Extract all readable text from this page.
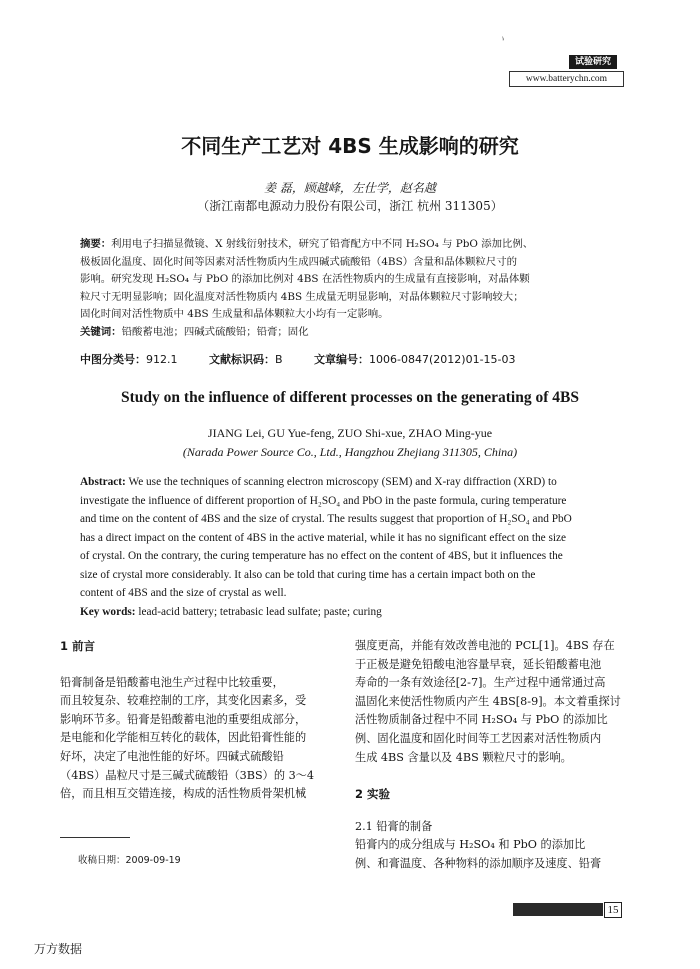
丶
试验研究
www.batterychn.com
不同生产工艺对 4BS 生成影响的研究
姜 磊，顾越峰，左仕学，赵名越
（浙江南都电源动力股份有限公司，浙江 杭州 311305）
摘要：利用电子扫描显微镜、X 射线衍射技术，研究了铅膏配方中不同 H₂SO₄ 与 PbO 添加比例、
极板固化温度、固化时间等因素对活性物质内生成四碱式硫酸铅（4BS）含量和晶体颗粒尺寸的
影响。研究发现 H₂SO₄ 与 PbO 的添加比例对 4BS 在活性物质内的生成量有直接影响，对晶体颗
粒尺寸无明显影响；固化温度对活性物质内 4BS 生成量无明显影响，对晶体颗粒尺寸影响较大；
固化时间对活性物质中 4BS 生成量和晶体颗粒大小均有一定影响。
关键词：铅酸蓄电池；四碱式硫酸铅；铅膏；固化
中图分类号：912.1	文献标识码：B	文章编号：1006-0847(2012)01-15-03
Study on the influence of different processes on the generating of 4BS
JIANG Lei, GU Yue-feng, ZUO Shi-xue, ZHAO Ming-yue
(Narada Power Source Co., Ltd., Hangzhou Zhejiang 311305, China)
Abstract: We use the techniques of scanning electron microscopy (SEM) and X-ray diffraction (XRD) to
investigate the influence of different proportion of H₂SO₄ and PbO in the paste formula, curing temperature
and time on the content of 4BS and the size of crystal. The results suggest that proportion of H₂SO₄ and PbO
has a direct impact on the content of 4BS in the active material, while it has no significant effect on the size
of crystal. On the contrary, the curing temperature has no effect on the content of 4BS, but it influences the
size of crystal more considerably. It also can be told that curing time has a certain impact both on the
content of 4BS and the size of crystal as well.
Key words: lead-acid battery; tetrabasic lead sulfate; paste; curing
1 前言
铅膏制备是铅酸蓄电池生产过程中比较重要，
而且较复杂、较难控制的工序，其变化因素多，受
影响环节多。铅膏是铅酸蓄电池的重要组成部分，
是电能和化学能相互转化的载体，因此铅膏性能的
好坏，决定了电池性能的好坏。四碱式硫酸铅
（4BS）晶粒尺寸是三碱式硫酸铅（3BS）的 3～4
倍，而且相互交错连接，构成的活性物质骨架机械
强度更高，并能有效改善电池的 PCL[1]。4BS 存在
于正极是避免铅酸电池容量早衰，延长铅酸蓄电池
寿命的一条有效途径[2-7]。生产过程中通常通过高
温固化来使活性物质内产生 4BS[8-9]。本文着重探讨
活性物质制备过程中不同 H₂SO₄ 与 PbO 的添加比
例、固化温度和固化时间等工艺因素对活性物质内
生成 4BS 含量以及 4BS 颗粒尺寸的影响。
2 实验
2.1 铅膏的制备
铅膏内的成分组成与 H₂SO₄ 和 PbO 的添加比
例、和膏温度、各种物料的添加顺序及速度、铅膏
收稿日期：2009-09-19
15
万方数据
